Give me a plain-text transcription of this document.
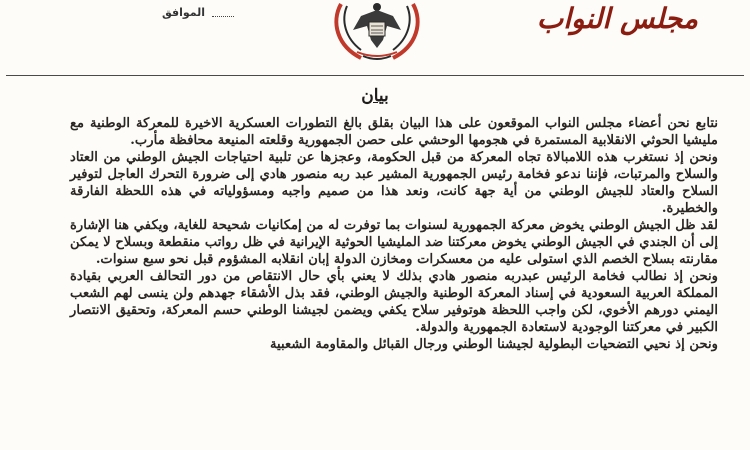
الموافق	مجلس النواب
بيان

نتابع نحن أعضاء مجلس النواب الموقعون على هذا البيان بقلق بالغ التطورات العسكرية الاخيرة للمعركة الوطنية مع مليشيا الحوثي الانقلابية المستمرة في هجومها الوحشي على حصن الجمهورية وقلعته المنيعة محافظة مأرب.

ونحن إذ نستغرب هذه اللامبالاة تجاه المعركة من قبل الحكومة، وعجزها عن تلبية احتياجات الجيش الوطني من العتاد والسلاح والمرتبات، فإننا ندعو فخامة رئيس الجمهورية المشير عبد ربه منصور هادي إلى ضرورة التحرك العاجل لتوفير السلاح والعتاد للجيش الوطني من أية جهة كانت، ونعد هذا من صميم واجبه ومسؤولياته في هذه اللحظة الفارقة والخطيرة.

لقد ظل الجيش الوطني يخوض معركة الجمهورية لسنوات بما توفرت له من إمكانيات شحيحة للغاية، ويكفي هنا الإشارة إلى أن الجندي في الجيش الوطني يخوض معركتنا ضد المليشيا الحوثية الإيرانية في ظل رواتب منقطعة وبسلاح لا يمكن مقارنته بسلاح الخصم الذي استولى عليه من معسكرات ومخازن الدولة إبان انقلابه المشؤوم قبل نحو سبع سنوات.

ونحن إذ نطالب فخامة الرئيس عبدربه منصور هادي بذلك لا يعني بأي حال الانتقاص من دور التحالف العربي بقيادة المملكة العربية السعودية في إسناد المعركة الوطنية والجيش الوطني، فقد بذل الأشقاء جهدهم ولن ينسى لهم الشعب اليمني دورهم الأخوي، لكن واجب اللحظة هوتوفير سلاح يكفي ويضمن لجيشنا الوطني حسم المعركة، وتحقيق الانتصار الكبير في معركتنا الوجودية لاستعادة الجمهورية والدولة.

ونحن إذ نحيي التضحيات البطولية لجيشنا الوطني ورجال القبائل والمقاومة الشعبية
